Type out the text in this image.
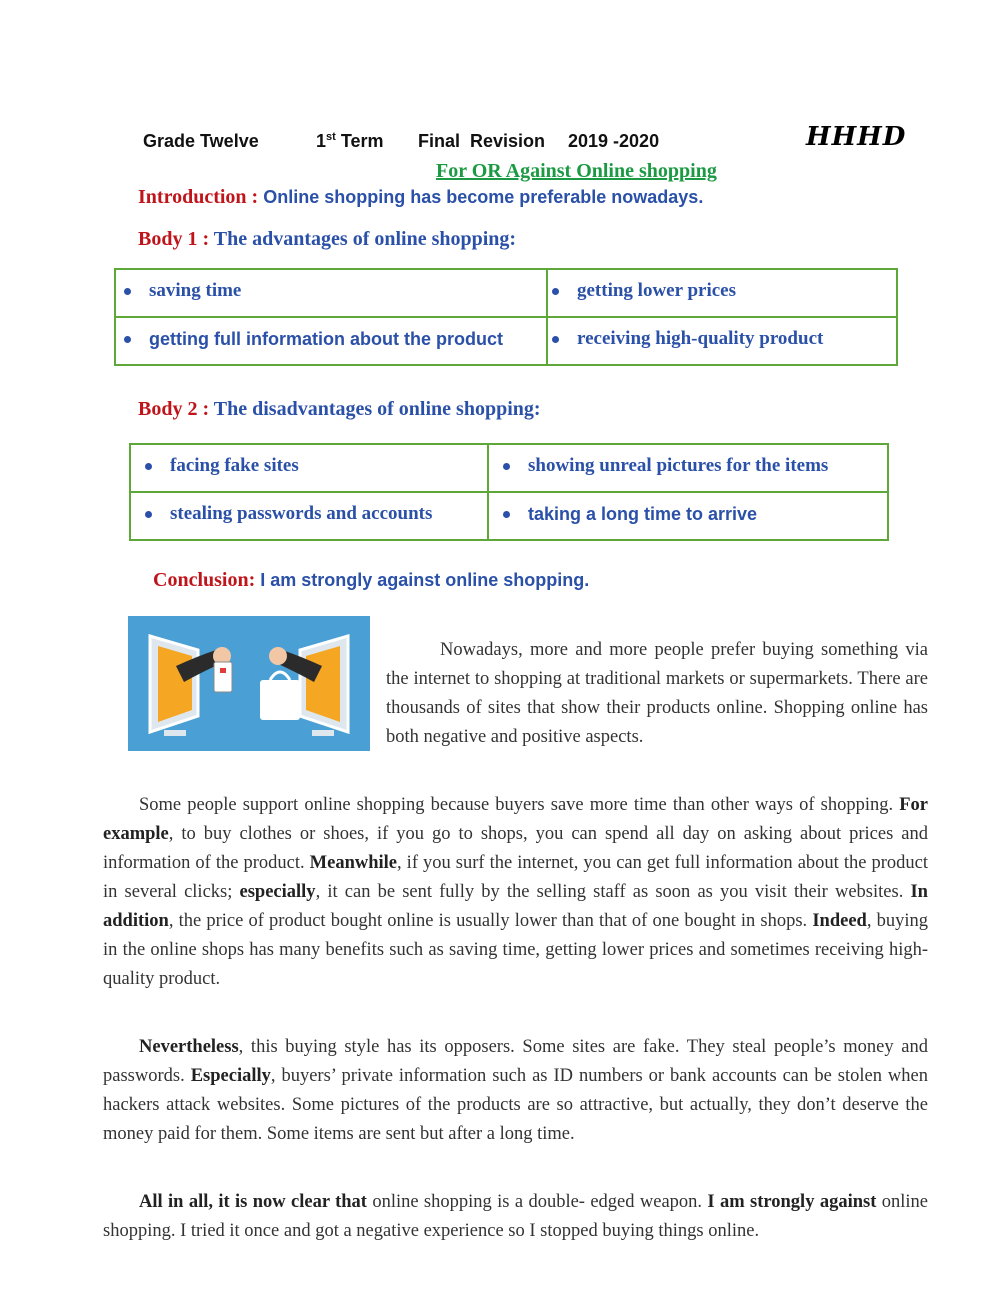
Grade Twelve	1st Term Final  Revision 2019 -2020	HHHD
For OR Against Online shopping
Introduction : Online shopping has become preferable nowadays.
Body 1 : The advantages of online shopping:
saving time	getting lower prices

getting full information about the product	receiving high-quality product
Body 2 : The disadvantages of online shopping:
facing fake sites	showing unreal pictures for the items

stealing passwords and accounts	taking a long time to arrive
Conclusion: I am strongly against online shopping.
Nowadays, more and more people prefer buying something via the internet to shopping at traditional markets or supermarkets. There are thousands of sites that show their products online. Shopping online has both negative and positive aspects.
Some people support online shopping because buyers save more time than other ways of shopping. For example, to buy clothes or shoes, if you go to shops, you can spend all day on asking about prices and information of the product. Meanwhile, if you surf the internet, you can get full information about the product in several clicks; especially, it can be sent fully by the selling staff as soon as you visit their websites. In addition, the price of product bought online is usually lower than that of one bought in shops. Indeed, buying in the online shops has many benefits such as saving time, getting lower prices and sometimes receiving high-quality product.
Nevertheless, this buying style has its opposers. Some sites are fake. They steal people’s money and passwords. Especially, buyers’ private information such as ID numbers or bank accounts can be stolen when hackers attack websites. Some pictures of the products are so attractive, but actually, they don’t deserve the money paid for them. Some items are sent but after a long time.
All in all, it is now clear that online shopping is a double- edged weapon. I am strongly against online shopping. I tried it once and got a negative experience so I stopped buying things online.
